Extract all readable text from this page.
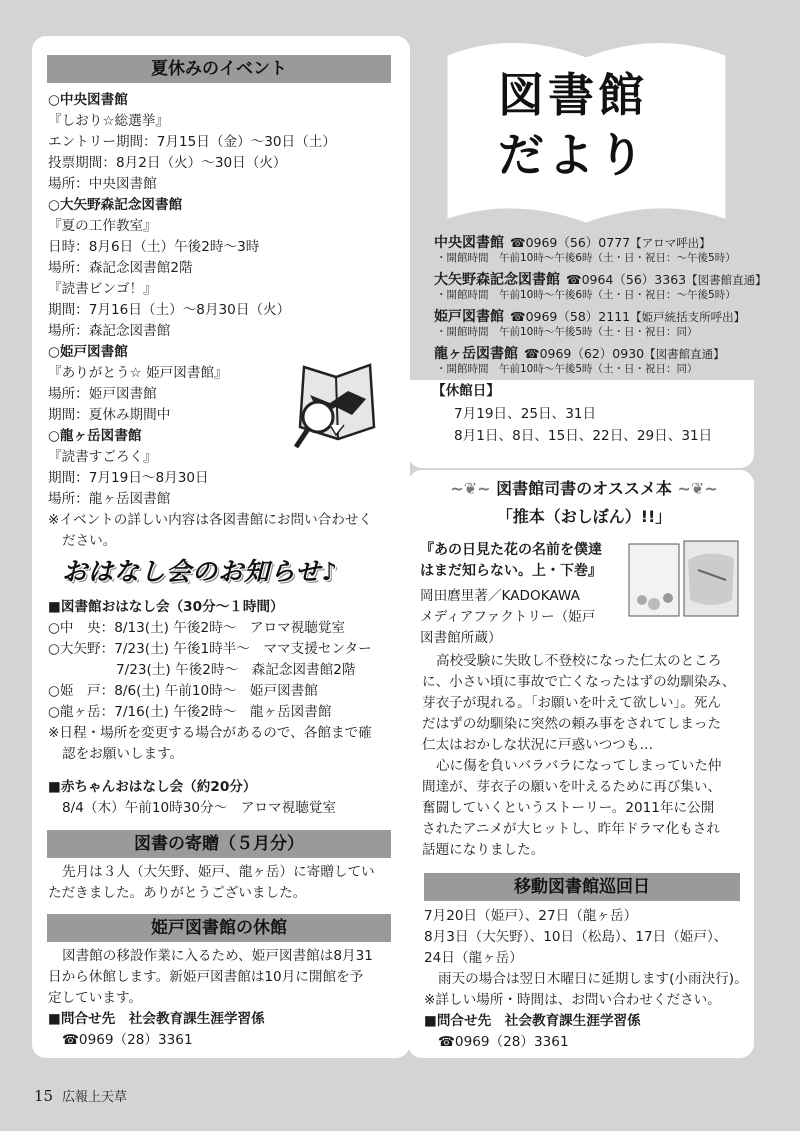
夏休みのイベント
○中央図書館
『しおり☆総選挙』
エントリー期間：7月15日（金）～30日（土）
投票期間：8月2日（火）～30日（火）
場所：中央図書館
○大矢野森記念図書館
『夏の工作教室』
日時：8月6日（土）午後2時～3時
場所：森記念図書館2階
『読書ビンゴ！』
期間：7月16日（土）～8月30日（火）
場所：森記念図書館
○姫戸図書館
『ありがとう☆ 姫戸図書館』
場所：姫戸図書館
期間：夏休み期間中
○龍ヶ岳図書館
『読書すごろく』
期間：7月19日～8月30日
場所：龍ヶ岳図書館
※イベントの詳しい内容は各図書館にお問い合わせく
ださい。
おはなし会のお知らせ♪
■図書館おはなし会（30分～１時間）
○中　央：8/13(土) 午後2時～　アロマ視聴覚室
○大矢野：7/23(土) 午後1時半～　ママ支援センター
7/23(土) 午後2時～　森記念図書館2階
○姫　戸：8/6(土) 午前10時～　姫戸図書館
○龍ヶ岳：7/16(土) 午後2時～　龍ヶ岳図書館
※日程・場所を変更する場合があるので、各館まで確
認をお願いします。
■赤ちゃんおはなし会（約20分）
8/4（木）午前10時30分～　アロマ視聴覚室
図書の寄贈（５月分）
先月は３人（大矢野、姫戸、龍ヶ岳）に寄贈してい
ただきました。ありがとうございました。
姫戸図書館の休館
図書館の移設作業に入るため、姫戸図書館は8月31
日から休館します。新姫戸図書館は10月に開館を予
定しています。
■問合せ先　社会教育課生涯学習係
☎0969（28）3361
図書館
だより
中央図書館 ☎0969（56）0777【アロマ呼出】
・開館時間　午前10時～午後6時（土・日・祝日：～午後5時）
大矢野森記念図書館 ☎0964（56）3363【図書館直通】
・開館時間　午前10時～午後6時（土・日・祝日：～午後5時）
姫戸図書館 ☎0969（58）2111【姫戸統括支所呼出】
・開館時間　午前10時～午後5時（土・日・祝日：同）
龍ヶ岳図書館 ☎0969（62）0930【図書館直通】
・開館時間　午前10時～午後5時（土・日・祝日：同）
【休館日】
7月19日、25日、31日
8月1日、8日、15日、22日、29日、31日
~❦~ 図書館司書のオススメ本 ~❦~
「推本（おしぼん）!!」
『あの日見た花の名前を僕達
はまだ知らない。上・下巻』
岡田麿里著／KADOKAWA
メディアファクトリー（姫戸
図書館所蔵）
高校受験に失敗し不登校になった仁太のところ
に、小さい頃に事故で亡くなったはずの幼馴染み、
芽衣子が現れる。「お願いを叶えて欲しい」。死ん
だはずの幼馴染に突然の頼み事をされてしまった
仁太はおかしな状況に戸惑いつつも…
心に傷を負いバラバラになってしまっていた仲
間達が、芽衣子の願いを叶えるために再び集い、
奮闘していくというストーリー。2011年に公開
されたアニメが大ヒットし、昨年ドラマ化もされ
話題になりました。
移動図書館巡回日
7月20日（姫戸）、27日（龍ヶ岳）
8月3日（大矢野）、10日（松島）、17日（姫戸）、
24日（龍ヶ岳）
雨天の場合は翌日木曜日に延期します(小雨決行)。
※詳しい場所・時間は、お問い合わせください。
■問合せ先　社会教育課生涯学習係
☎0969（28）3361
15 広報上天草
